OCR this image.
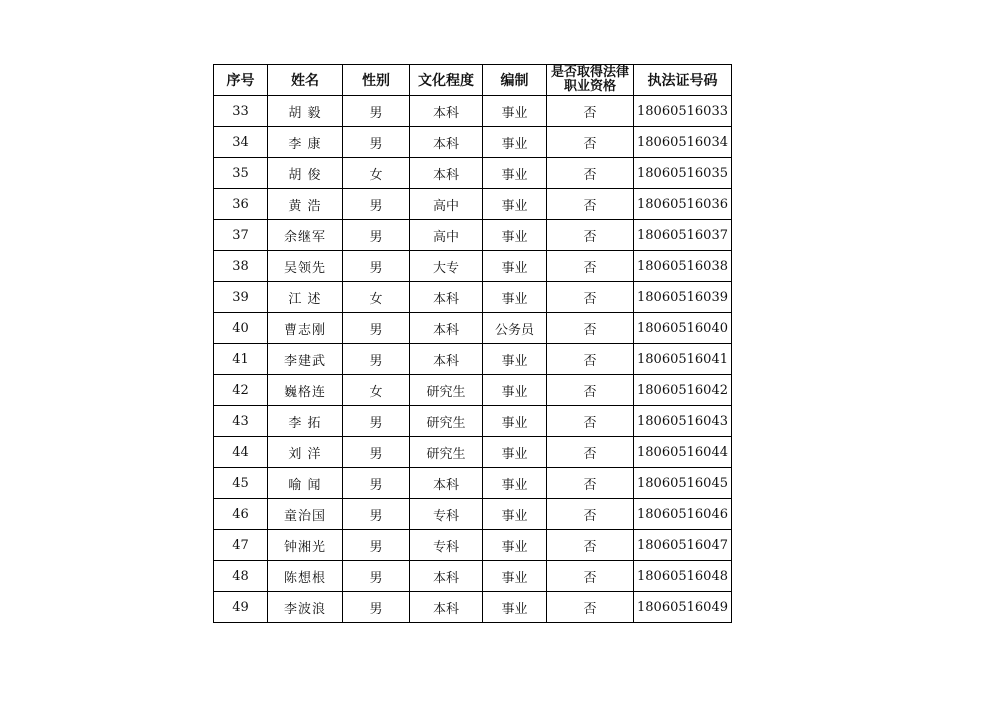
序号	姓名	性别	文化程度	编制	是否取得法律职业资格	执法证号码
33	胡 毅	男	本科	事业	否	18060516033
34	李 康	男	本科	事业	否	18060516034
35	胡 俊	女	本科	事业	否	18060516035
36	黄 浩	男	高中	事业	否	18060516036
37	余继军	男	高中	事业	否	18060516037
38	吴领先	男	大专	事业	否	18060516038
39	江 述	女	本科	事业	否	18060516039
40	曹志刚	男	本科	公务员	否	18060516040
41	李建武	男	本科	事业	否	18060516041
42	巍格连	女	研究生	事业	否	18060516042
43	李 拓	男	研究生	事业	否	18060516043
44	刘 洋	男	研究生	事业	否	18060516044
45	喻 闻	男	本科	事业	否	18060516045
46	童治国	男	专科	事业	否	18060516046
47	钟湘光	男	专科	事业	否	18060516047
48	陈想根	男	本科	事业	否	18060516048
49	李波浪	男	本科	事业	否	18060516049
